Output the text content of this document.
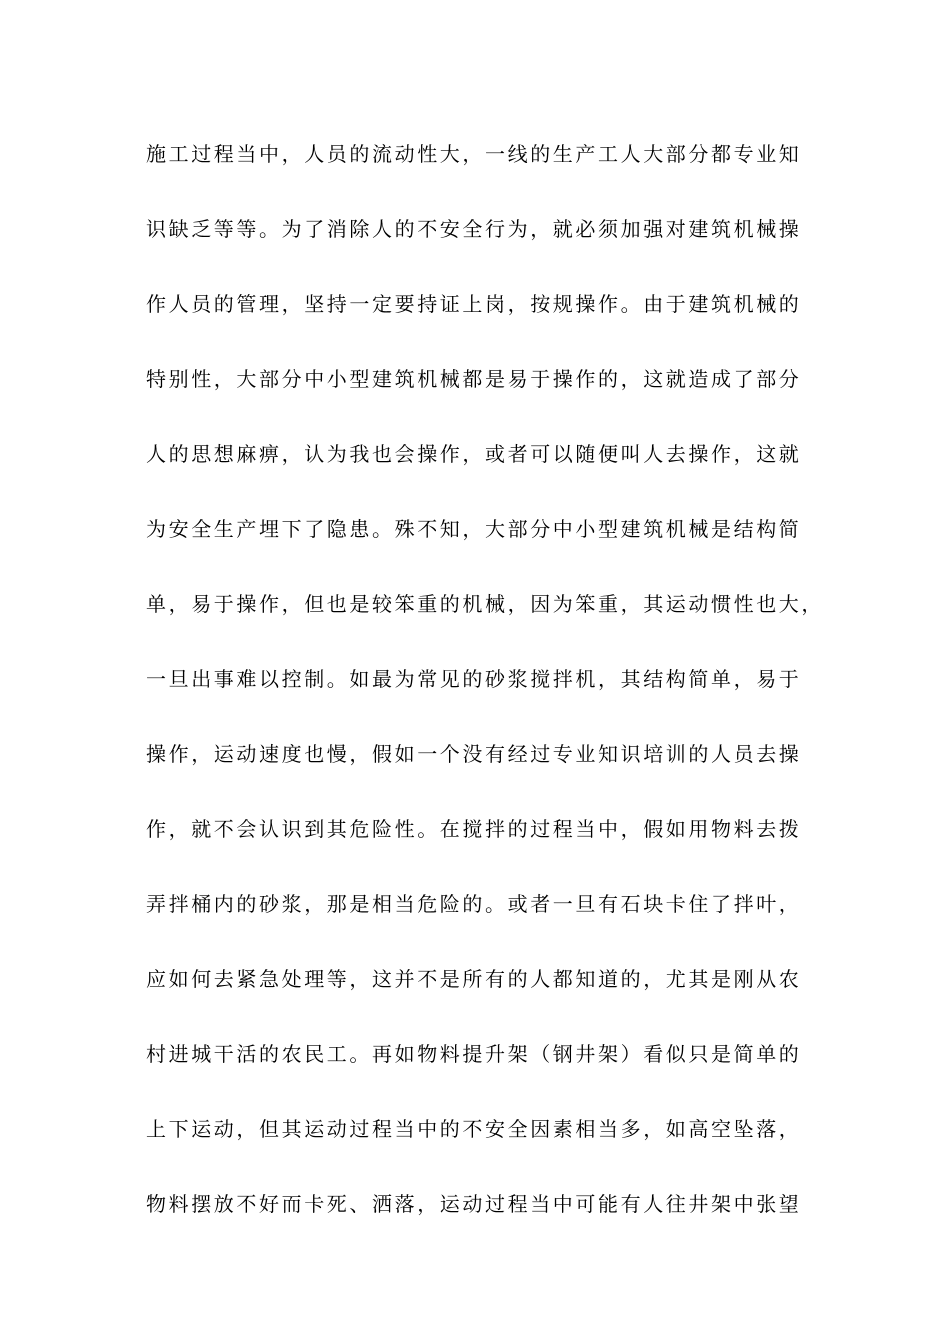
施工过程当中，人员的流动性大，一线的生产工人大部分都专业知
识缺乏等等。为了消除人的不安全行为，就必须加强对建筑机械操
作人员的管理，坚持一定要持证上岗，按规操作。由于建筑机械的
特别性，大部分中小型建筑机械都是易于操作的，这就造成了部分
人的思想麻痹，认为我也会操作，或者可以随便叫人去操作，这就
为安全生产埋下了隐患。殊不知，大部分中小型建筑机械是结构简
单，易于操作，但也是较笨重的机械，因为笨重，其运动惯性也大，
一旦出事难以控制。如最为常见的砂浆搅拌机，其结构简单，易于
操作，运动速度也慢，假如一个没有经过专业知识培训的人员去操
作，就不会认识到其危险性。在搅拌的过程当中，假如用物料去拨
弄拌桶内的砂浆，那是相当危险的。或者一旦有石块卡住了拌叶，
应如何去紧急处理等，这并不是所有的人都知道的，尤其是刚从农
村进城干活的农民工。再如物料提升架（钢井架）看似只是简单的
上下运动，但其运动过程当中的不安全因素相当多，如高空坠落，
物料摆放不好而卡死、洒落，运动过程当中可能有人往井架中张望
